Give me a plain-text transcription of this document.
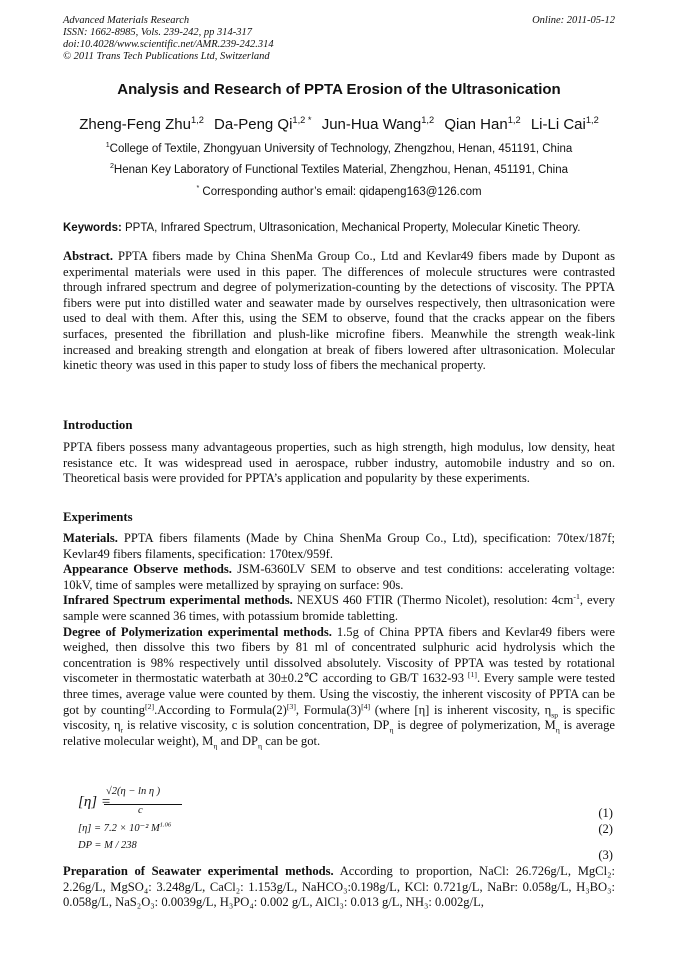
Advanced Materials Research
ISSN: 1662-8985, Vols. 239-242, pp 314-317
doi:10.4028/www.scientific.net/AMR.239-242.314
© 2011 Trans Tech Publications Ltd, Switzerland
Online: 2011-05-12
Analysis and Research of PPTA Erosion of the Ultrasonication
Zheng-Feng Zhu$^{1,2}$ Da-Peng $Qi^{1,2 *}$ Jun-Hua Wang$^{1,2}$ Qian Han$^{1,2}$ Li-Li Cai$^{1,2}$
$^1$College of Textile, Zhongyuan University of Technology, Zhengzhou, Henan, 451191, China
$^2$Henan Key Laboratory of Functional Textiles Material, Zhengzhou, Henan, 451191, China
* Corresponding author’s email: qidapeng163@126.com
Keywords: PPTA, Infrared Spectrum, Ultrasonication, Mechanical Property, Molecular Kinetic Theory.
Abstract. PPTA fibers made by China ShenMa Group Co., Ltd and Kevlar49 fibers made by Dupont as experimental materials were used in this paper. The differences of molecule structures were contrasted through infrared spectrum and degree of polymerization-counting by the detections of viscosity. The PPTA fibers were put into distilled water and seawater made by ourselves respectively, then ultrasonication were used to deal with them. After this, using the SEM to observe, found that the cracks appear on the fibers surfaces, presented the fibrillation and plush-like microfine fibers. Meanwhile the strength weak-link increased and breaking strength and elongation at break of fibers lowered after ultrasonication. Molecular kinetic theory was used in this paper to study loss of fibers the mechanical property.
Introduction
PPTA fibers possess many advantageous properties, such as high strength, high modulus, low density, heat resistance etc. It was widespread used in aerospace, rubber industry, automobile industry and so on. Theoretical basis were provided for PPTA’s application and popularity by these experiments.
Experiments
Materials. PPTA fibers filaments (Made by China ShenMa Group Co., Ltd), specification: 70tex/187f; Kevlar49 fibers filaments, specification: 170tex/959f.
Appearance Observe methods. JSM-6360LV SEM to observe and test conditions: accelerating voltage: 10kV, time of samples were metallized by spraying on surface: 90s.
Infrared Spectrum experimental methods. NEXUS 460 FTIR (Thermo Nicolet), resolution: $4cm^{-1}$, every sample were scanned 36 times, with potassium bromide tabletting.
Degree of Polymerization experimental methods. 1.5g of China PPTA fibers and Kevlar49 fibers were weighed, then dissolve this two fibers by 81 ml of concentrated sulphuric acid hydrolysis which the concentration is 98% respectively until dissolved absolutely. Viscosity of PPTA was tested by rotational viscometer in thermostatic waterbath at 30±0.2℃ according to GB/T 1632-93 [1]. Every sample were tested three times, average value were counted by them. Using the viscostiy, the inherent viscosity of PPTA can be got by counting[2].According to Formula(2)[3], Formula(3)[4] (where [η] is inherent viscosity, $\eta_{sp}$ is specific viscosity, $\eta_r$ is relative viscosity, c is solution concentration, $DP_\eta$ is degree of polymerization, $M_\eta$ is average relative molecular weight), $M_\eta$ and $DP_\eta$ can be got.
[η] =
√2(η − ln η )
c	(1)
[η] = 7.2 × 10⁻² $M^{1.06}$	(2)
DP = M / 238
(3)
Preparation of Seawater experimental methods. According to proportion, NaCl: 26.726g/L, MgCl₂: 2.26g/L, MgSO₄: 3.248g/L, CaCl₂: 1.153g/L, NaHCO₃:0.198g/L, KCl: 0.721g/L, NaBr: 0.058g/L, H₃BO₃: 0.058g/L, NaS₂O₃: 0.0039g/L, H₃PO₄: 0.002 g/L, AlCl₃: 0.013 g/L, NH₃: 0.002g/L,
